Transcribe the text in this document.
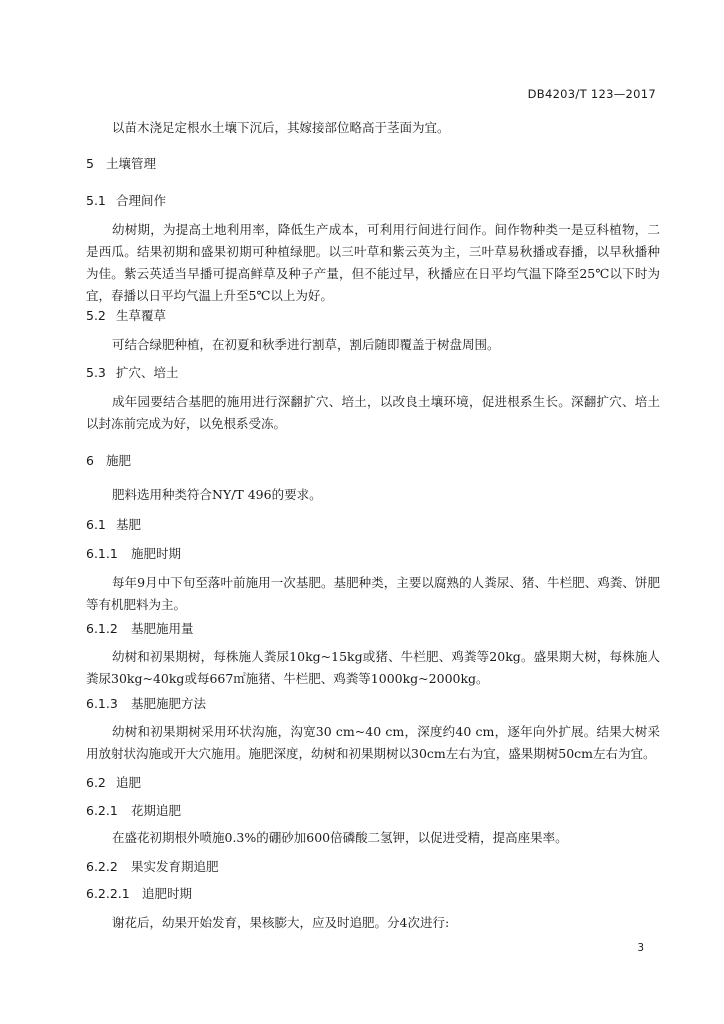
DB4203/T 123—2017

以苗木浇足定根水土壤下沉后，其嫁接部位略高于茎面为宜。

5 土壤管理

5.1 合理间作

幼树期，为提高土地利用率，降低生产成本，可利用行间进行间作。间作物种类一是豆科植物，二是西瓜。结果初期和盛果初期可种植绿肥。以三叶草和紫云英为主，三叶草易秋播或春播，以早秋播种为佳。紫云英适当早播可提高鲜草及种子产量，但不能过早，秋播应在日平均气温下降至25℃以下时为宜，春播以日平均气温上升至5℃以上为好。

5.2 生草覆草

可结合绿肥种植，在初夏和秋季进行割草，割后随即覆盖于树盘周围。

5.3 扩穴、培土

成年园要结合基肥的施用进行深翻扩穴、培土，以改良土壤环境，促进根系生长。深翻扩穴、培土以封冻前完成为好，以免根系受冻。

6 施肥

肥料选用种类符合NY/T 496的要求。

6.1 基肥

6.1.1 施肥时期

每年9月中下旬至落叶前施用一次基肥。基肥种类，主要以腐熟的人粪尿、猪、牛栏肥、鸡粪、饼肥等有机肥料为主。

6.1.2 基肥施用量

幼树和初果期树，每株施人粪尿10kg~15kg或猪、牛栏肥、鸡粪等20kg。盛果期大树，每株施人粪尿30kg~40kg或每667㎡施猪、牛栏肥、鸡粪等1000kg~2000kg。

6.1.3 基肥施肥方法

幼树和初果期树采用环状沟施，沟宽30 cm~40 cm，深度约40 cm，逐年向外扩展。结果大树采用放射状沟施或开大穴施用。施肥深度，幼树和初果期树以30cm左右为宜，盛果期树50cm左右为宜。

6.2 追肥

6.2.1 花期追肥

在盛花初期根外喷施0.3%的硼砂加600倍磷酸二氢钾，以促进受精，提高座果率。

6.2.2 果实发育期追肥

6.2.2.1 追肥时期

谢花后，幼果开始发育，果核膨大，应及时追肥。分4次进行:

3
